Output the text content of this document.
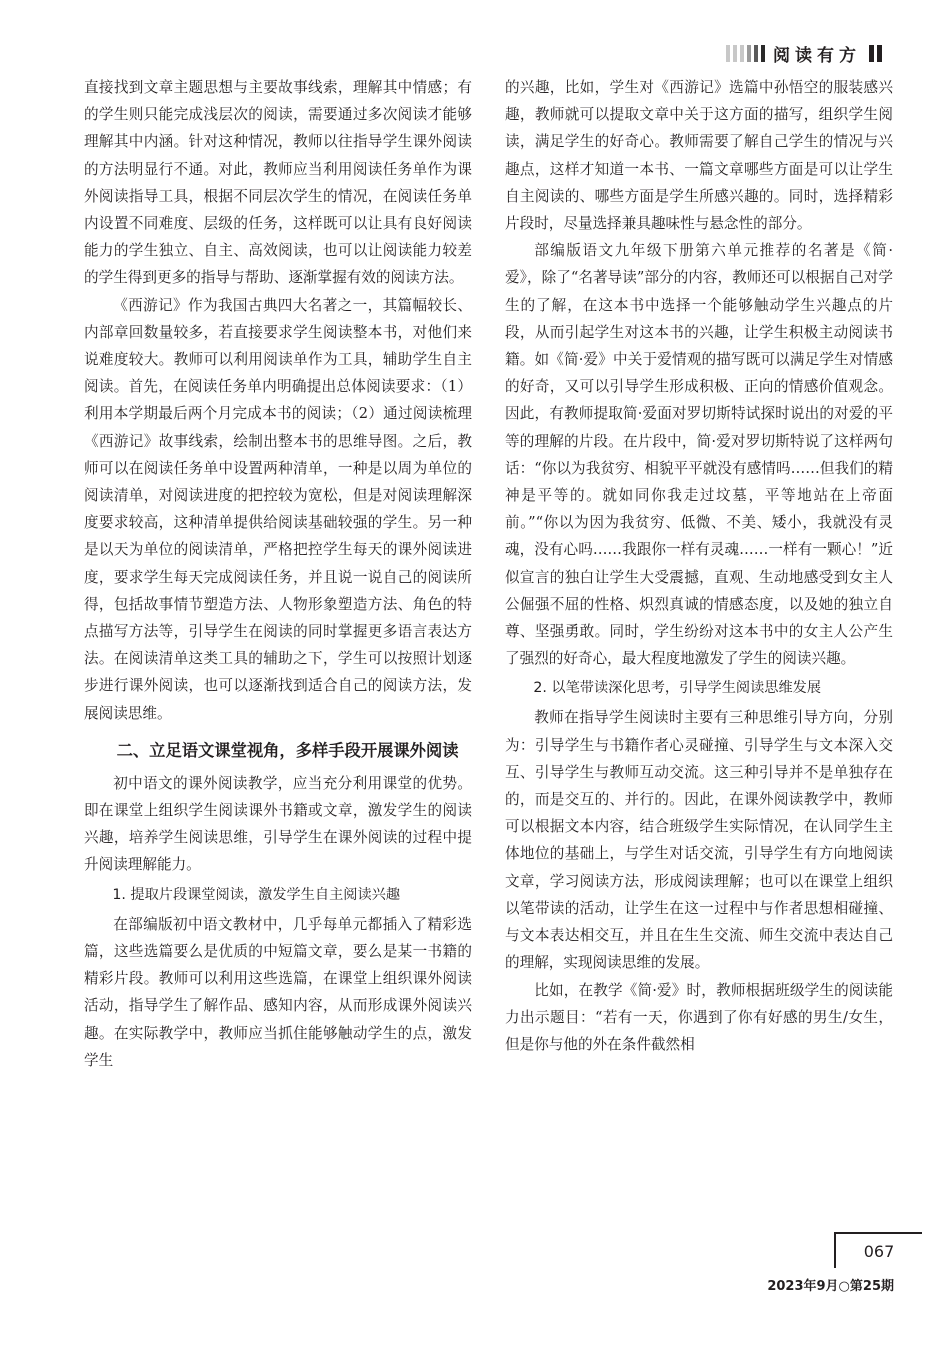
阅读有方

直接找到文章主题思想与主要故事线索，理解其中情感；有的学生则只能完成浅层次的阅读，需要通过多次阅读才能够理解其中内涵。针对这种情况，教师以往指导学生课外阅读的方法明显行不通。对此，教师应当利用阅读任务单作为课外阅读指导工具，根据不同层次学生的情况，在阅读任务单内设置不同难度、层级的任务，这样既可以让具有良好阅读能力的学生独立、自主、高效阅读，也可以让阅读能力较差的学生得到更多的指导与帮助、逐渐掌握有效的阅读方法。

《西游记》作为我国古典四大名著之一，其篇幅较长、内部章回数量较多，若直接要求学生阅读整本书，对他们来说难度较大。教师可以利用阅读单作为工具，辅助学生自主阅读。首先，在阅读任务单内明确提出总体阅读要求：（1）利用本学期最后两个月完成本书的阅读；（2）通过阅读梳理《西游记》故事线索，绘制出整本书的思维导图。之后，教师可以在阅读任务单中设置两种清单，一种是以周为单位的阅读清单，对阅读进度的把控较为宽松，但是对阅读理解深度要求较高，这种清单提供给阅读基础较强的学生。另一种是以天为单位的阅读清单，严格把控学生每天的课外阅读进度，要求学生每天完成阅读任务，并且说一说自己的阅读所得，包括故事情节塑造方法、人物形象塑造方法、角色的特点描写方法等，引导学生在阅读的同时掌握更多语言表达方法。在阅读清单这类工具的辅助之下，学生可以按照计划逐步进行课外阅读，也可以逐渐找到适合自己的阅读方法，发展阅读思维。

二、立足语文课堂视角，多样手段开展课外阅读

初中语文的课外阅读教学，应当充分利用课堂的优势。即在课堂上组织学生阅读课外书籍或文章，激发学生的阅读兴趣，培养学生阅读思维，引导学生在课外阅读的过程中提升阅读理解能力。

1. 提取片段课堂阅读，激发学生自主阅读兴趣

在部编版初中语文教材中，几乎每单元都插入了精彩选篇，这些选篇要么是优质的中短篇文章，要么是某一书籍的精彩片段。教师可以利用这些选篇，在课堂上组织课外阅读活动，指导学生了解作品、感知内容，从而形成课外阅读兴趣。在实际教学中，教师应当抓住能够触动学生的点，激发学生

的兴趣，比如，学生对《西游记》选篇中孙悟空的服装感兴趣，教师就可以提取文章中关于这方面的描写，组织学生阅读，满足学生的好奇心。教师需要了解自己学生的情况与兴趣点，这样才知道一本书、一篇文章哪些方面是可以让学生自主阅读的、哪些方面是学生所感兴趣的。同时，选择精彩片段时，尽量选择兼具趣味性与悬念性的部分。

部编版语文九年级下册第六单元推荐的名著是《简·爱》，除了“名著导读”部分的内容，教师还可以根据自己对学生的了解，在这本书中选择一个能够触动学生兴趣点的片段，从而引起学生对这本书的兴趣，让学生积极主动阅读书籍。如《简·爱》中关于爱情观的描写既可以满足学生对情感的好奇，又可以引导学生形成积极、正向的情感价值观念。因此，有教师提取简·爱面对罗切斯特试探时说出的对爱的平等的理解的片段。在片段中，简·爱对罗切斯特说了这样两句话：“你以为我贫穷、相貌平平就没有感情吗……但我们的精神是平等的。就如同你我走过坟墓，平等地站在上帝面前。”“你以为因为我贫穷、低微、不美、矮小，我就没有灵魂，没有心吗……我跟你一样有灵魂……一样有一颗心！”近似宣言的独白让学生大受震撼，直观、生动地感受到女主人公倔强不屈的性格、炽烈真诚的情感态度，以及她的独立自尊、坚强勇敢。同时，学生纷纷对这本书中的女主人公产生了强烈的好奇心，最大程度地激发了学生的阅读兴趣。

2. 以笔带读深化思考，引导学生阅读思维发展

教师在指导学生阅读时主要有三种思维引导方向，分别为：引导学生与书籍作者心灵碰撞、引导学生与文本深入交互、引导学生与教师互动交流。这三种引导并不是单独存在的，而是交互的、并行的。因此，在课外阅读教学中，教师可以根据文本内容，结合班级学生实际情况，在认同学生主体地位的基础上，与学生对话交流，引导学生有方向地阅读文章，学习阅读方法，形成阅读理解；也可以在课堂上组织以笔带读的活动，让学生在这一过程中与作者思想相碰撞、与文本表达相交互，并且在生生交流、师生交流中表达自己的理解，实现阅读思维的发展。

比如，在教学《简·爱》时，教师根据班级学生的阅读能力出示题目：“若有一天，你遇到了你有好感的男生/女生，但是你与他的外在条件截然相

067
2023年9月○第25期
